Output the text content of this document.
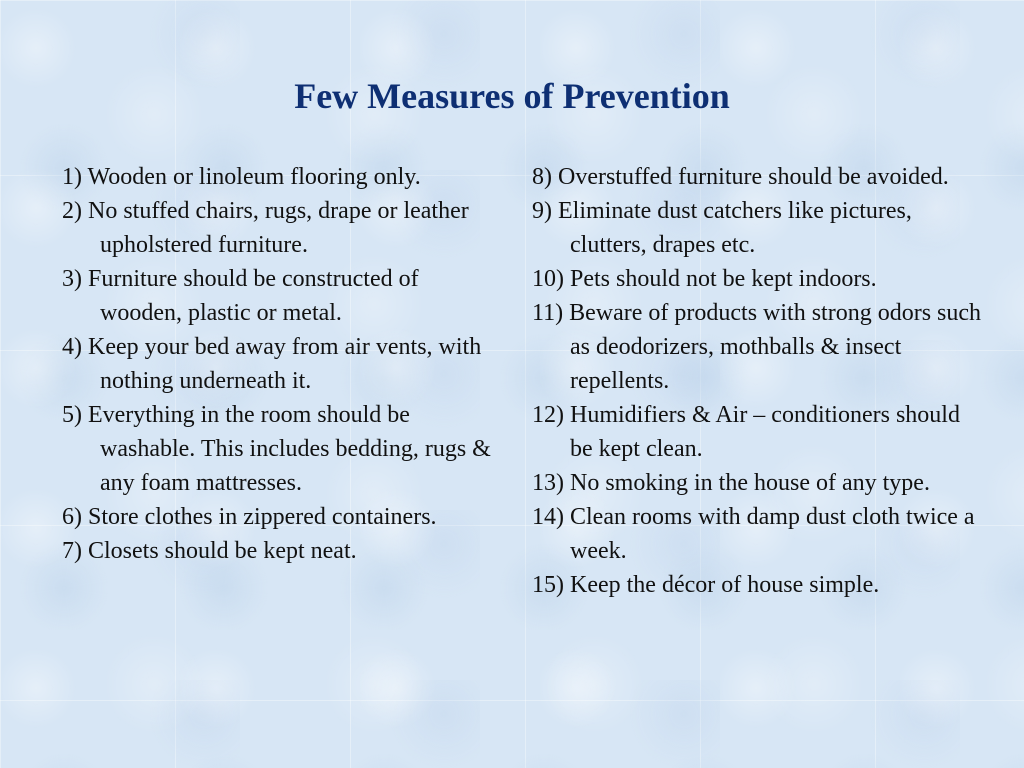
Few Measures of Prevention
1) Wooden or linoleum flooring only.
2) No stuffed chairs, rugs, drape or leather upholstered furniture.
3) Furniture should be constructed of wooden, plastic or metal.
4) Keep your bed away from air vents, with nothing underneath it.
5) Everything in the room should be washable. This includes bedding, rugs & any foam mattresses.
6) Store clothes in zippered containers.
7) Closets should be kept neat.
8) Overstuffed furniture should be avoided.
9) Eliminate dust catchers like pictures, clutters, drapes etc.
10) Pets should not be kept indoors.
11) Beware of products with strong odors such as deodorizers, mothballs & insect repellents.
12) Humidifiers & Air – conditioners should be kept clean.
13) No smoking in the house of any type.
14) Clean rooms with damp dust cloth twice a week.
15) Keep the décor of house simple.
